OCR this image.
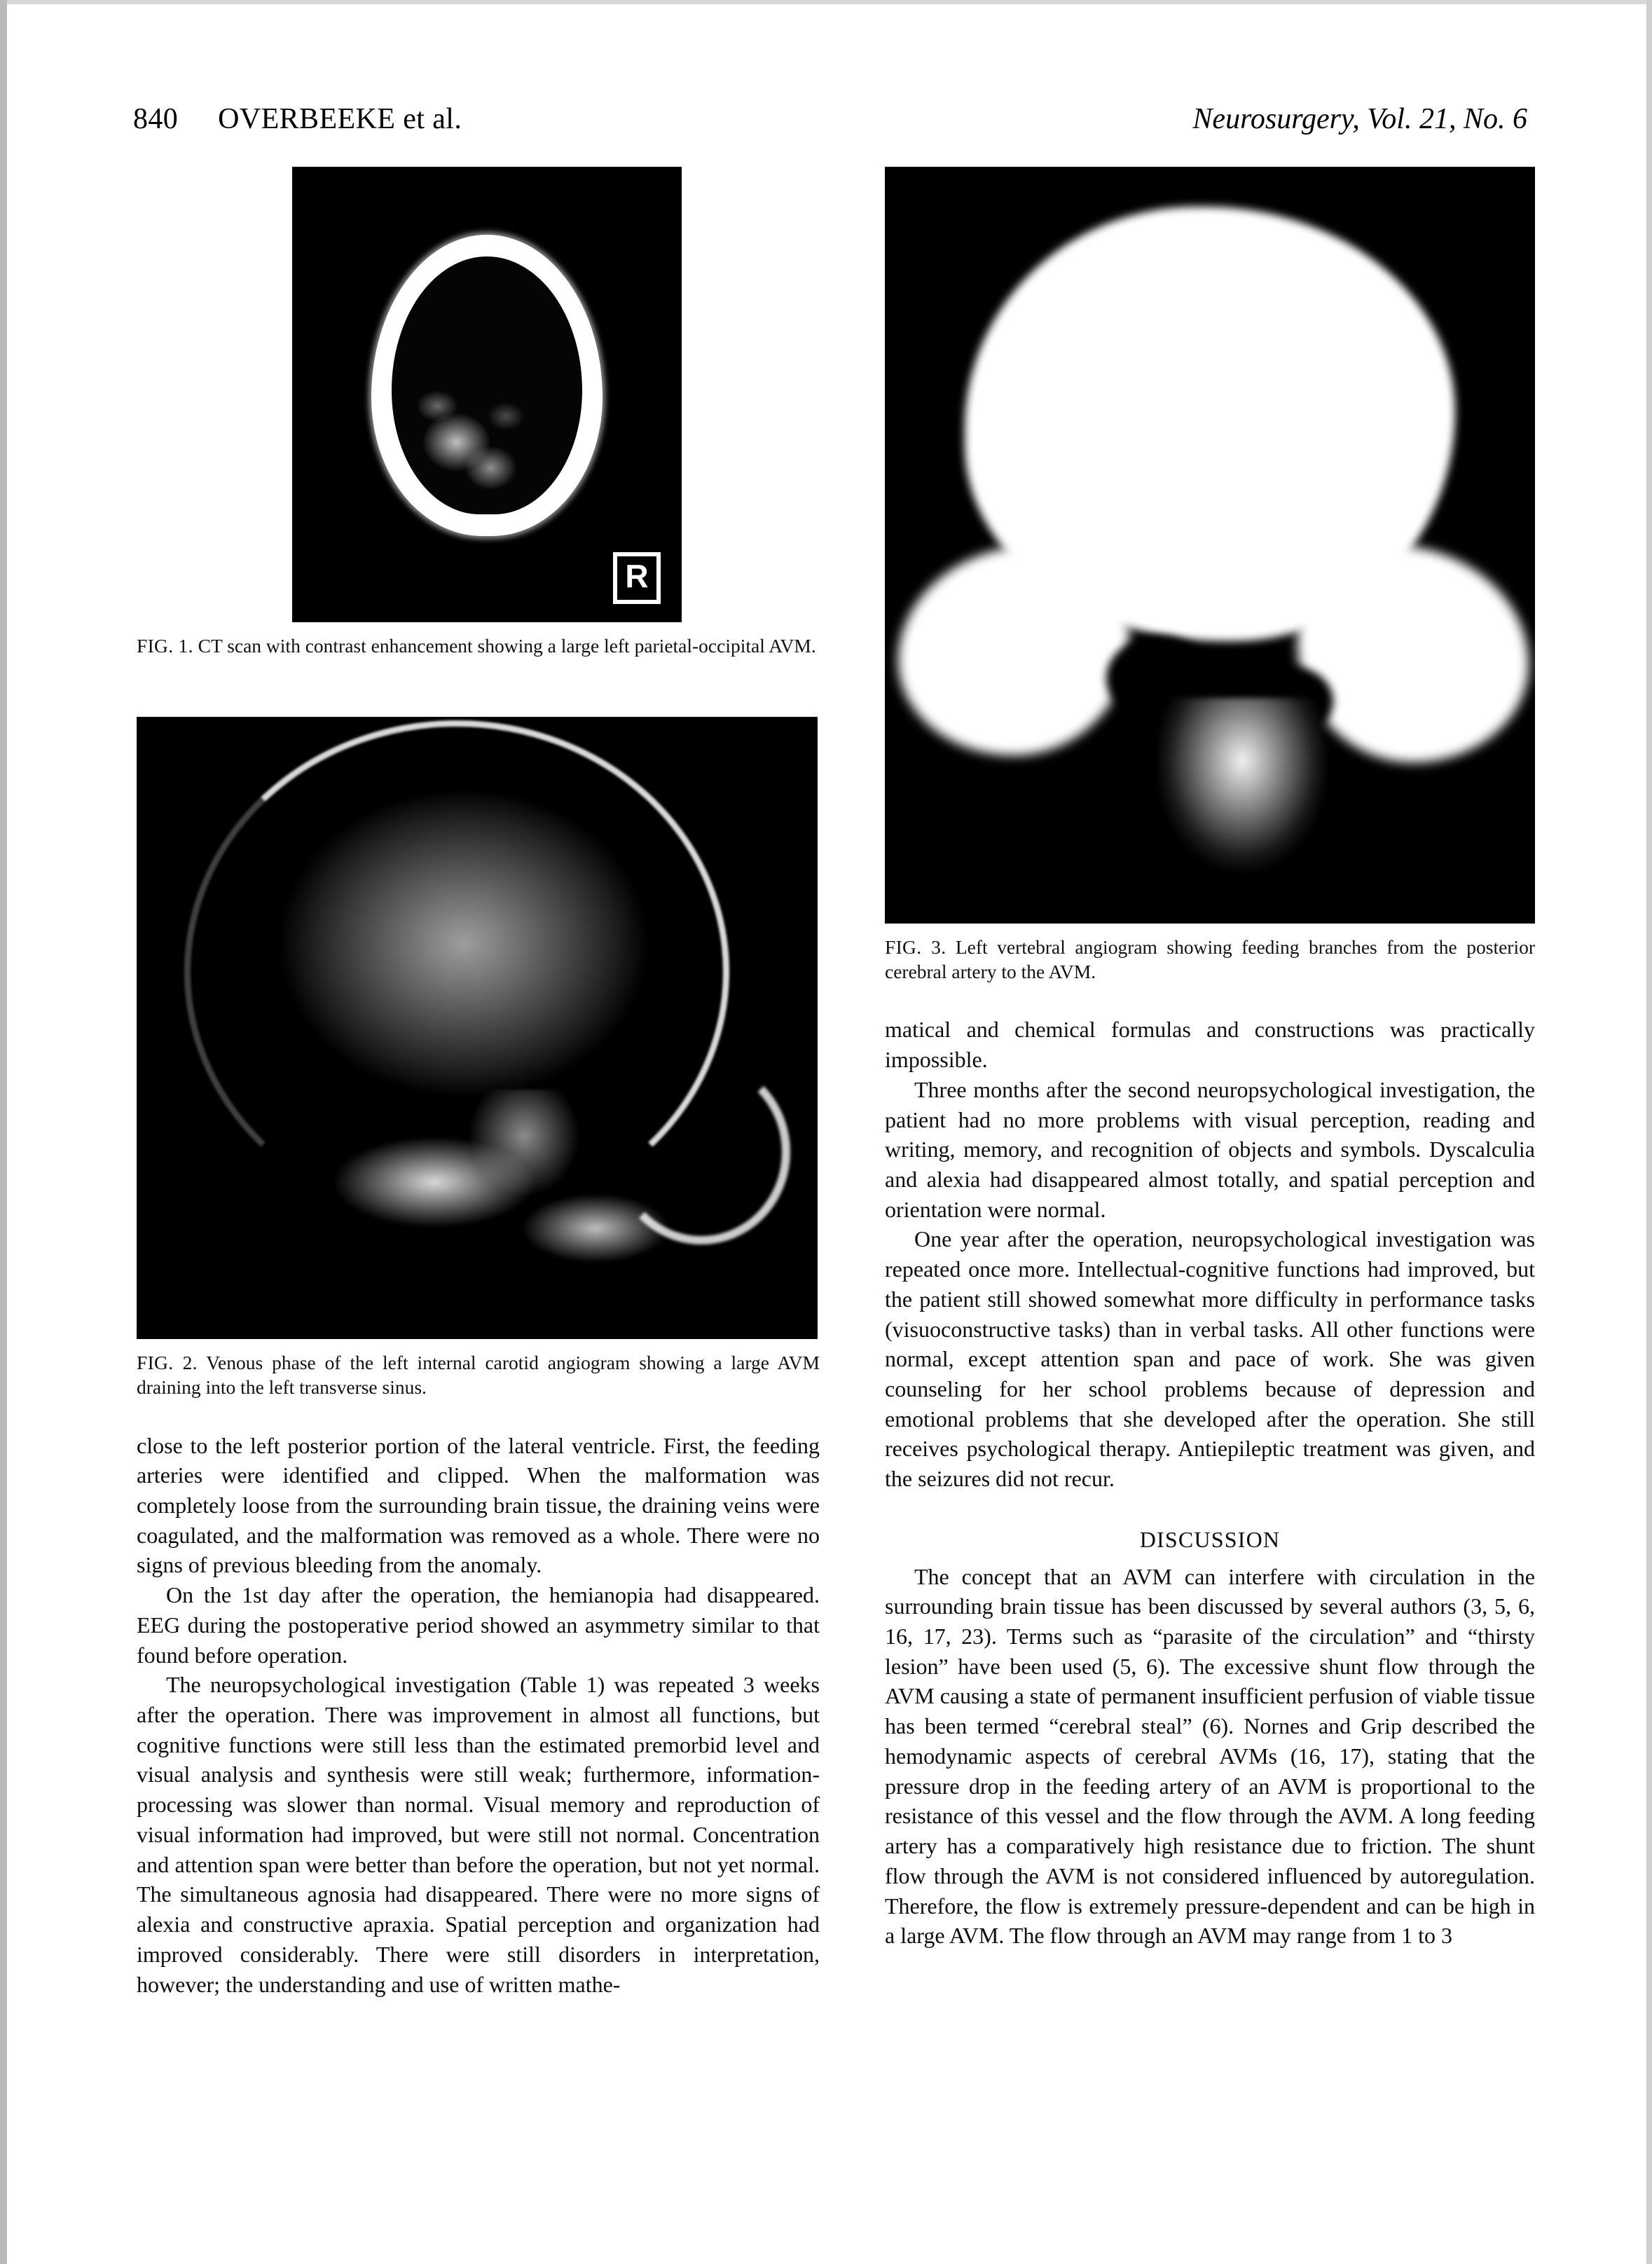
840 OVERBEEKE et al.	Neurosurgery, Vol. 21, No. 6
R
FIG. 1. CT scan with contrast enhancement showing a large left parietal-occipital AVM.
FIG. 2. Venous phase of the left internal carotid angiogram showing a large AVM draining into the left transverse sinus.

close to the left posterior portion of the lateral ventricle. First, the feeding arteries were identified and clipped. When the malformation was completely loose from the surrounding brain tissue, the draining veins were coagulated, and the malformation was removed as a whole. There were no signs of previous bleeding from the anomaly.

On the 1st day after the operation, the hemianopia had disappeared. EEG during the postoperative period showed an asymmetry similar to that found before operation.

The neuropsychological investigation (Table 1) was repeated 3 weeks after the operation. There was improvement in almost all functions, but cognitive functions were still less than the estimated premorbid level and visual analysis and synthesis were still weak; furthermore, information-processing was slower than normal. Visual memory and reproduction of visual information had improved, but were still not normal. Concentration and attention span were better than before the operation, but not yet normal. The simultaneous agnosia had disappeared. There were no more signs of alexia and constructive apraxia. Spatial perception and organization had improved considerably. There were still disorders in interpretation, however; the understanding and use of written mathe-

FIG. 3. Left vertebral angiogram showing feeding branches from the posterior cerebral artery to the AVM.

matical and chemical formulas and constructions was practically impossible.

Three months after the second neuropsychological investigation, the patient had no more problems with visual perception, reading and writing, memory, and recognition of objects and symbols. Dyscalculia and alexia had disappeared almost totally, and spatial perception and orientation were normal.

One year after the operation, neuropsychological investigation was repeated once more. Intellectual-cognitive functions had improved, but the patient still showed somewhat more difficulty in performance tasks (visuoconstructive tasks) than in verbal tasks. All other functions were normal, except attention span and pace of work. She was given counseling for her school problems because of depression and emotional problems that she developed after the operation. She still receives psychological therapy. Antiepileptic treatment was given, and the seizures did not recur.

DISCUSSION

The concept that an AVM can interfere with circulation in the surrounding brain tissue has been discussed by several authors (3, 5, 6, 16, 17, 23). Terms such as “parasite of the circulation” and “thirsty lesion” have been used (5, 6). The excessive shunt flow through the AVM causing a state of permanent insufficient perfusion of viable tissue has been termed “cerebral steal” (6). Nornes and Grip described the hemodynamic aspects of cerebral AVMs (16, 17), stating that the pressure drop in the feeding artery of an AVM is proportional to the resistance of this vessel and the flow through the AVM. A long feeding artery has a comparatively high resistance due to friction. The shunt flow through the AVM is not considered influenced by autoregulation. Therefore, the flow is extremely pressure-dependent and can be high in a large AVM. The flow through an AVM may range from 1 to 3
